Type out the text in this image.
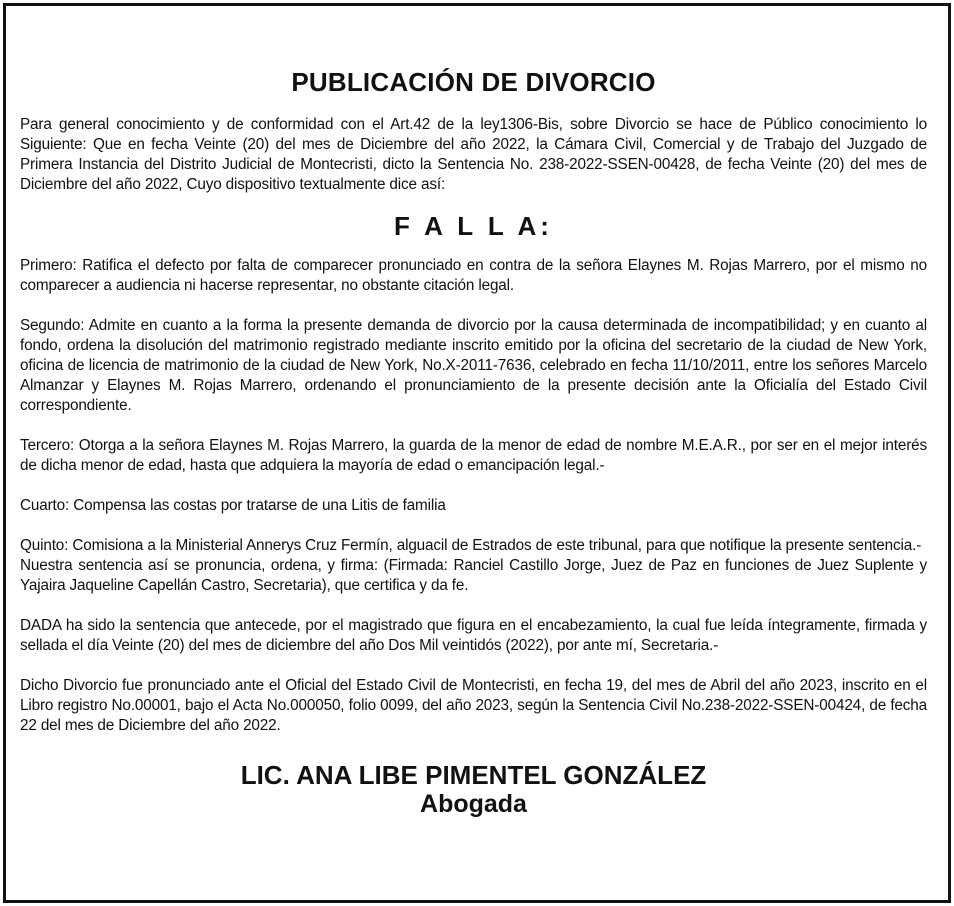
PUBLICACIÓN DE DIVORCIO

Para general conocimiento y de conformidad con el Art.42 de la ley1306-Bis, sobre Divorcio se hace de Público conocimiento lo Siguiente: Que en fecha Veinte (20) del mes de Diciembre del año 2022, la Cámara Civil, Comercial y de Trabajo del Juzgado de Primera Instancia del Distrito Judicial de Montecristi, dicto la Sentencia No. 238-2022-SSEN-00428, de fecha Veinte (20) del mes de Diciembre del año 2022, Cuyo dispositivo textualmente dice así:

F A L L A:

Primero: Ratifica el defecto por falta de comparecer pronunciado en contra de la señora Elaynes M. Rojas Marrero, por el mismo no comparecer a audiencia ni hacerse representar, no obstante citación legal.

Segundo: Admite en cuanto a la forma la presente demanda de divorcio por la causa determinada de incompatibilidad; y en cuanto al fondo, ordena la disolución del matrimonio registrado mediante inscrito emitido por la oficina del secretario de la ciudad de New York, oficina de licencia de matrimonio de la ciudad de New York, No.X-2011-7636, celebrado en fecha 11/10/2011, entre los señores Marcelo Almanzar y Elaynes M. Rojas Marrero, ordenando el pronunciamiento de la presente decisión ante la Oficialía del Estado Civil correspondiente.

Tercero: Otorga a la señora Elaynes M. Rojas Marrero, la guarda de la menor de edad de nombre M.E.A.R., por ser en el mejor interés de dicha menor de edad, hasta que adquiera la mayoría de edad o emancipación legal.-

Cuarto: Compensa las costas por tratarse de una Litis de familia

Quinto: Comisiona a la Ministerial Annerys Cruz Fermín, alguacil de Estrados de este tribunal, para que notifique la presente sentencia.-

Nuestra sentencia así se pronuncia, ordena, y firma: (Firmada: Ranciel Castillo Jorge, Juez de Paz en funciones de Juez Suplente y Yajaira Jaqueline Capellán Castro, Secretaria), que certifica y da fe.

DADA ha sido la sentencia que antecede, por el magistrado que figura en el encabezamiento, la cual fue leída íntegramente, firmada y sellada el día Veinte (20) del mes de diciembre del año Dos Mil veintidós (2022), por ante mí, Secretaria.-

Dicho Divorcio fue pronunciado ante el Oficial del Estado Civil de Montecristi, en fecha 19, del mes de Abril del año 2023, inscrito en el Libro registro No.00001, bajo el Acta No.000050, folio 0099, del año 2023, según la Sentencia Civil No.238-2022-SSEN-00424, de fecha 22 del mes de Diciembre del año 2022.

LIC. ANA LIBE PIMENTEL GONZÁLEZ

Abogada
